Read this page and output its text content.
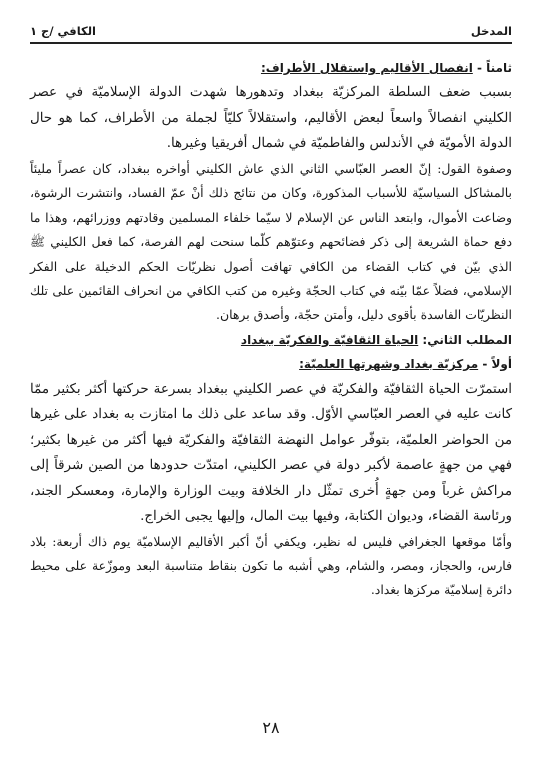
المدخل
الكافي /ج ١

ثامناً - انفصال الأقاليم واستقلال الأطراف:

بسبب ضعف السلطة المركزيّة ببغداد وتدهورها شهدت الدولة الإسلاميّة في عصر الكليني انفصالاً واسعاً لبعض الأقاليم، واستقلالاً كليّاً لجملة من الأطراف، كما هو حال الدولة الأمويّة في الأندلس والفاطميّة في شمال أفريقيا وغيرها.

وصفوة القول: إنّ العصر العبّاسي الثاني الذي عاش الكليني أواخره ببغداد، كان عصراً مليئاً بالمشاكل السياسيّة للأسباب المذكورة، وكان من نتائج ذلك أنْ عمّ الفساد، وانتشرت الرشوة، وضاعت الأموال، وابتعد الناس عن الإسلام لا سيّما خلفاء المسلمين وقادتهم ووزرائهم، وهذا ما دفع حماة الشريعة إلى ذكر فضائحهم وعتوّهم كلّما سنحت لهم الفرصة، كما فعل الكليني ﷺ الذي بيّن في كتاب القضاء من الكافي تهافت أصول نظريّات الحكم الدخيلة على الفكر الإسلامي، فضلاً عمّا بيّنه في كتاب الحجّة وغيره من كتب الكافي من انحراف القائمين على تلك النظريّات الفاسدة بأقوى دليل، وأمتن حجّة، وأصدق برهان.

المطلب الثاني: الحياة الثقافيّة والفكريّة ببغداد

أولاً - مركزيّة بغداد وشهرتها العلميّة:

استمرّت الحياة الثقافيّة والفكريّة في عصر الكليني ببغداد بسرعة حركتها أكثر بكثير ممّا كانت عليه في العصر العبّاسي الأوّل. وقد ساعد على ذلك ما امتازت به بغداد على غيرها من الحواضر العلميّة، بتوفّر عوامل النهضة الثقافيّة والفكريّة فيها أكثر من غيرها بكثير؛ فهي من جهةٍ عاصمة لأكبر دولة في عصر الكليني، امتدّت حدودها من الصين شرقاً إلى مراكش غرباً ومن جهةٍ أُخرى تمثّل دار الخلافة وبيت الوزارة والإمارة، ومعسكر الجند، ورئاسة القضاء، وديوان الكتابة، وفيها بيت المال، وإليها يجبى الخراج.

وأمّا موقعها الجغرافي فليس له نظير، ويكفي أنّ أكبر الأقاليم الإسلاميّة يوم ذاك أربعة: بلاد فارس، والحجاز، ومصر، والشام، وهي أشبه ما تكون بنقاط متناسبة البعد وموزّعة على محيط دائرة إسلاميّة مركزها بغداد.

٢٨
